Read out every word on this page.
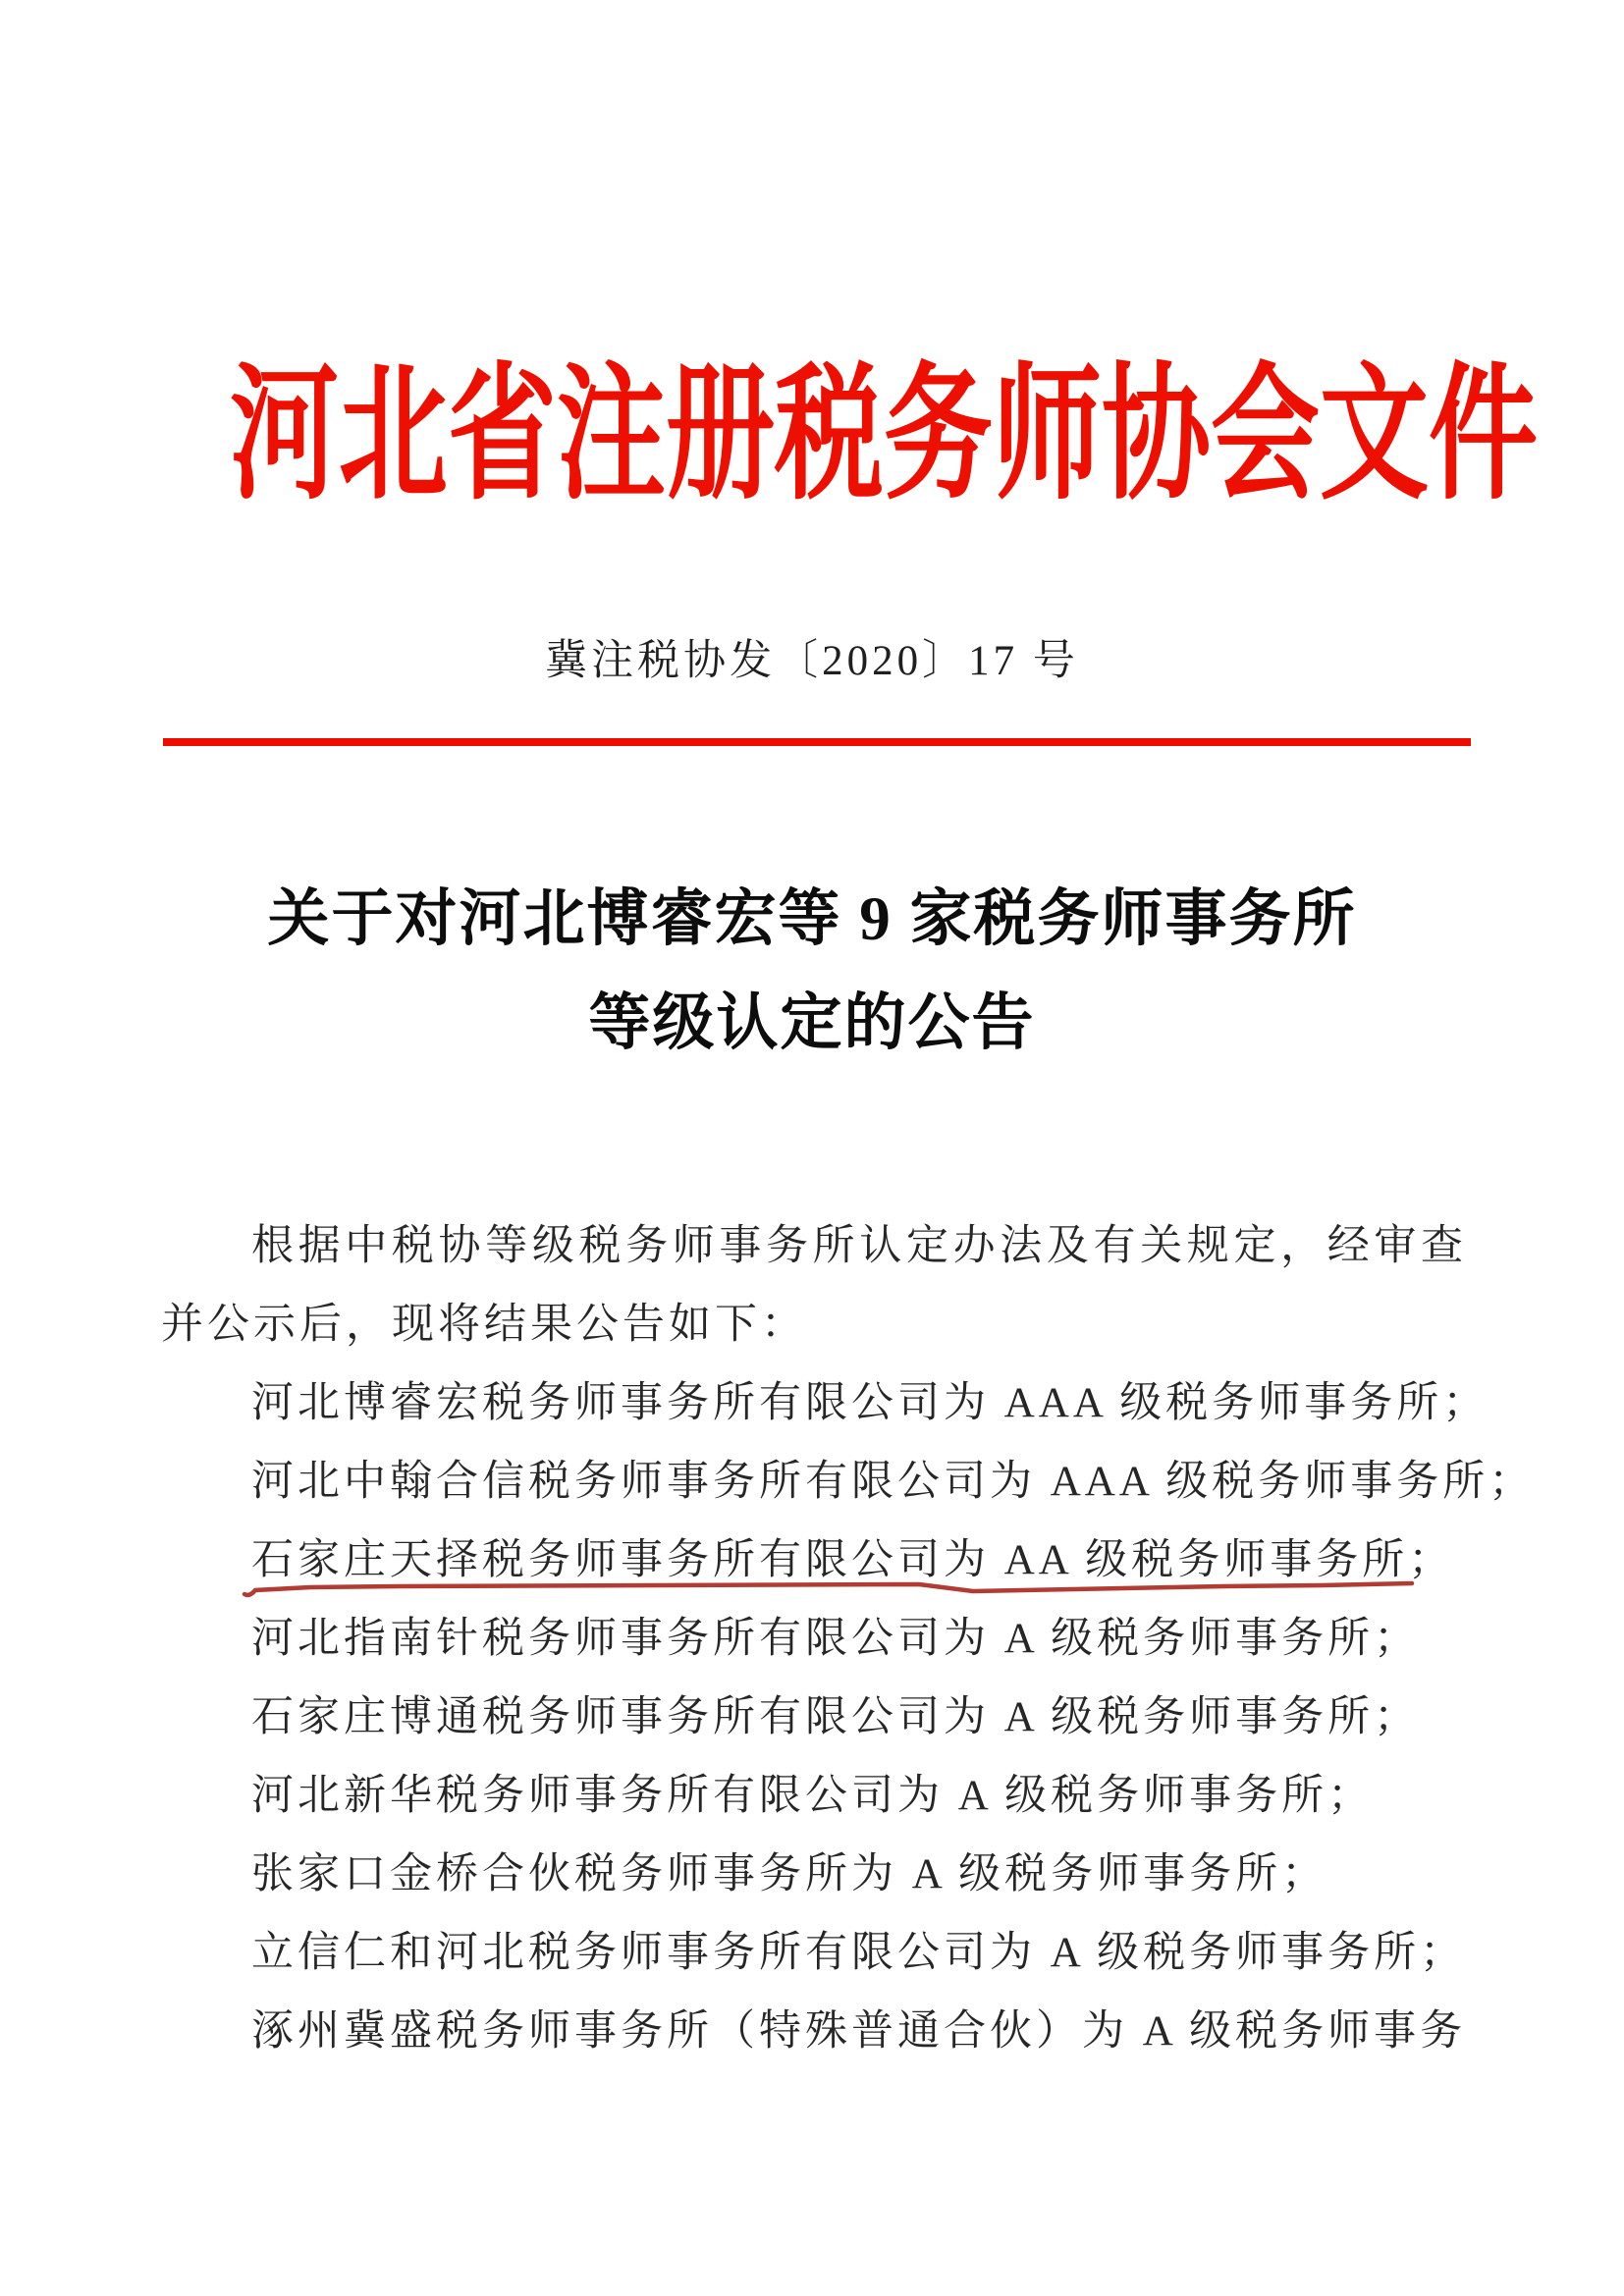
河北省注册税务师协会文件
冀注税协发〔2020〕17 号
关于对河北博睿宏等 9 家税务师事务所
等级认定的公告

根据中税协等级税务师事务所认定办法及有关规定，经审查并公示后，现将结果公告如下：

河北博睿宏税务师事务所有限公司为 AAA 级税务师事务所；

河北中翰合信税务师事务所有限公司为 AAA 级税务师事务所；

石家庄天择税务师事务所有限公司为 AA 级税务师事务所；

河北指南针税务师事务所有限公司为 A 级税务师事务所；

石家庄博通税务师事务所有限公司为 A 级税务师事务所；

河北新华税务师事务所有限公司为 A 级税务师事务所；

张家口金桥合伙税务师事务所为 A 级税务师事务所；

立信仁和河北税务师事务所有限公司为 A 级税务师事务所；

涿州冀盛税务师事务所（特殊普通合伙）为 A 级税务师事务
